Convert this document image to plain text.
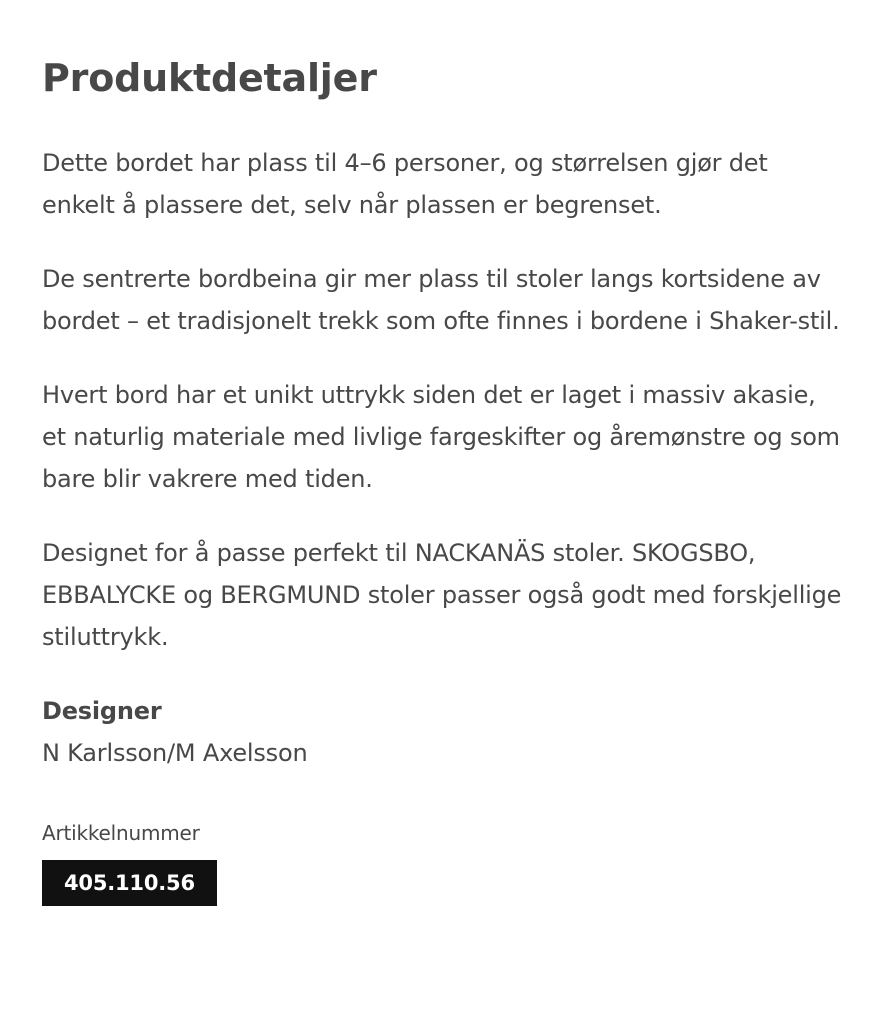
Produktdetaljer

Dette bordet har plass til 4–6 personer, og størrelsen gjør det enkelt å plassere det, selv når plassen er begrenset.

De sentrerte bordbeina gir mer plass til stoler langs kortsidene av bordet – et tradisjonelt trekk som ofte finnes i bordene i Shaker-stil.

Hvert bord har et unikt uttrykk siden det er laget i massiv akasie, et naturlig materiale med livlige fargeskifter og åremønstre og som bare blir vakrere med tiden.

Designet for å passe perfekt til NACKANÄS stoler. SKOGSBO, EBBALYCKE og BERGMUND stoler passer også godt med forskjellige stiluttrykk.

Designer
N Karlsson/M Axelsson
Artikkelnummer
405.110.56
